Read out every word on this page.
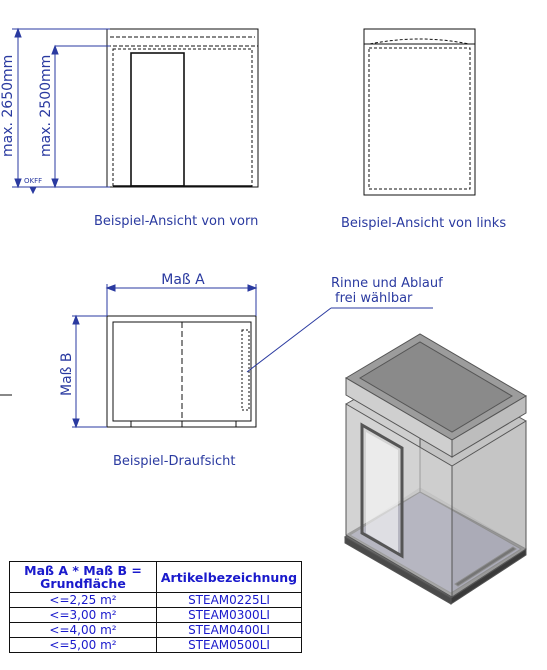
max. 2650mm max. 2500mm
OKFF
Maß A
Maß B
Beispiel-Ansicht von vorn	Beispiel-Ansicht von links
Beispiel-Draufsicht
Rinne und Ablauf
frei wählbar
Maß A * Maß B = Grundfläche	Artikelbezeichnung
<=2,25 m²	STEAM0225LI
<=3,00 m²	STEAM0300LI
<=4,00 m²	STEAM0400LI
<=5,00 m²	STEAM0500LI
